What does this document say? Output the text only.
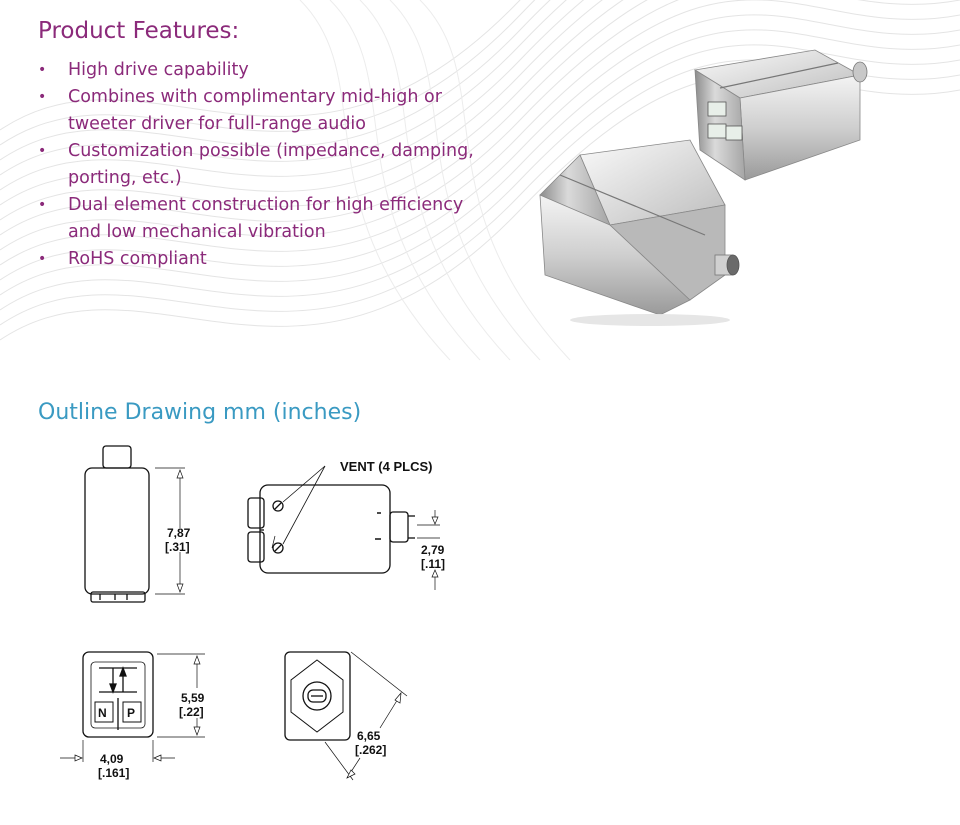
Product Features:
• High drive capability
• Combines with complimentary mid-high or
tweeter driver for full-range audio
• Customization possible (impedance, damping,
porting, etc.)
• Dual element construction for high efficiency
and low mechanical vibration
• RoHS compliant
Outline Drawing mm (inches)
VENT (4 PLCS)
7,87
[.31]	2,79
[.11]
5,59
[.22]
4,09
[.161]
6,65
[.262]
N P
